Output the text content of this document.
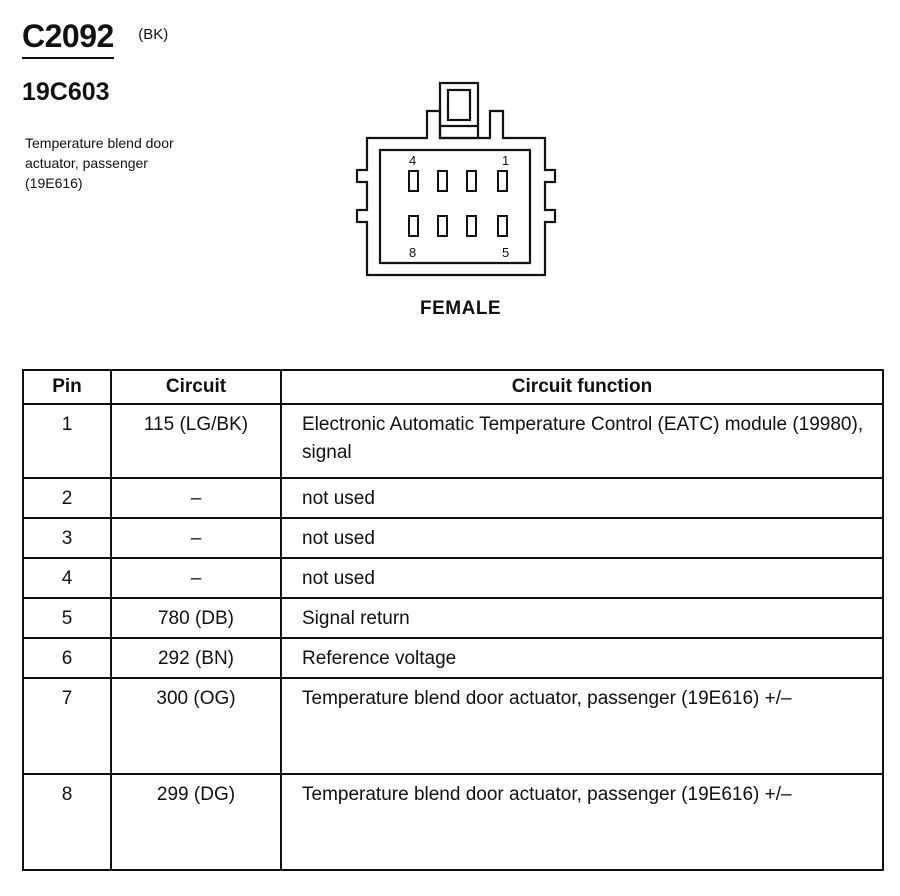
C2092 (BK)
19C603
Temperature blend door actuator, passenger (19E616)
4	1
8	5
FEMALE
Pin	Circuit	Circuit function
1	115 (LG/BK)	Electronic Automatic Temperature Control (EATC) module (19980), signal
2	–	not used
3	–	not used
4	–	not used
5	780 (DB)	Signal return
6	292 (BN)	Reference voltage
7	300 (OG)	Temperature blend door actuator, passenger (19E616) +/–
8	299 (DG)	Temperature blend door actuator, passenger (19E616) +/–
